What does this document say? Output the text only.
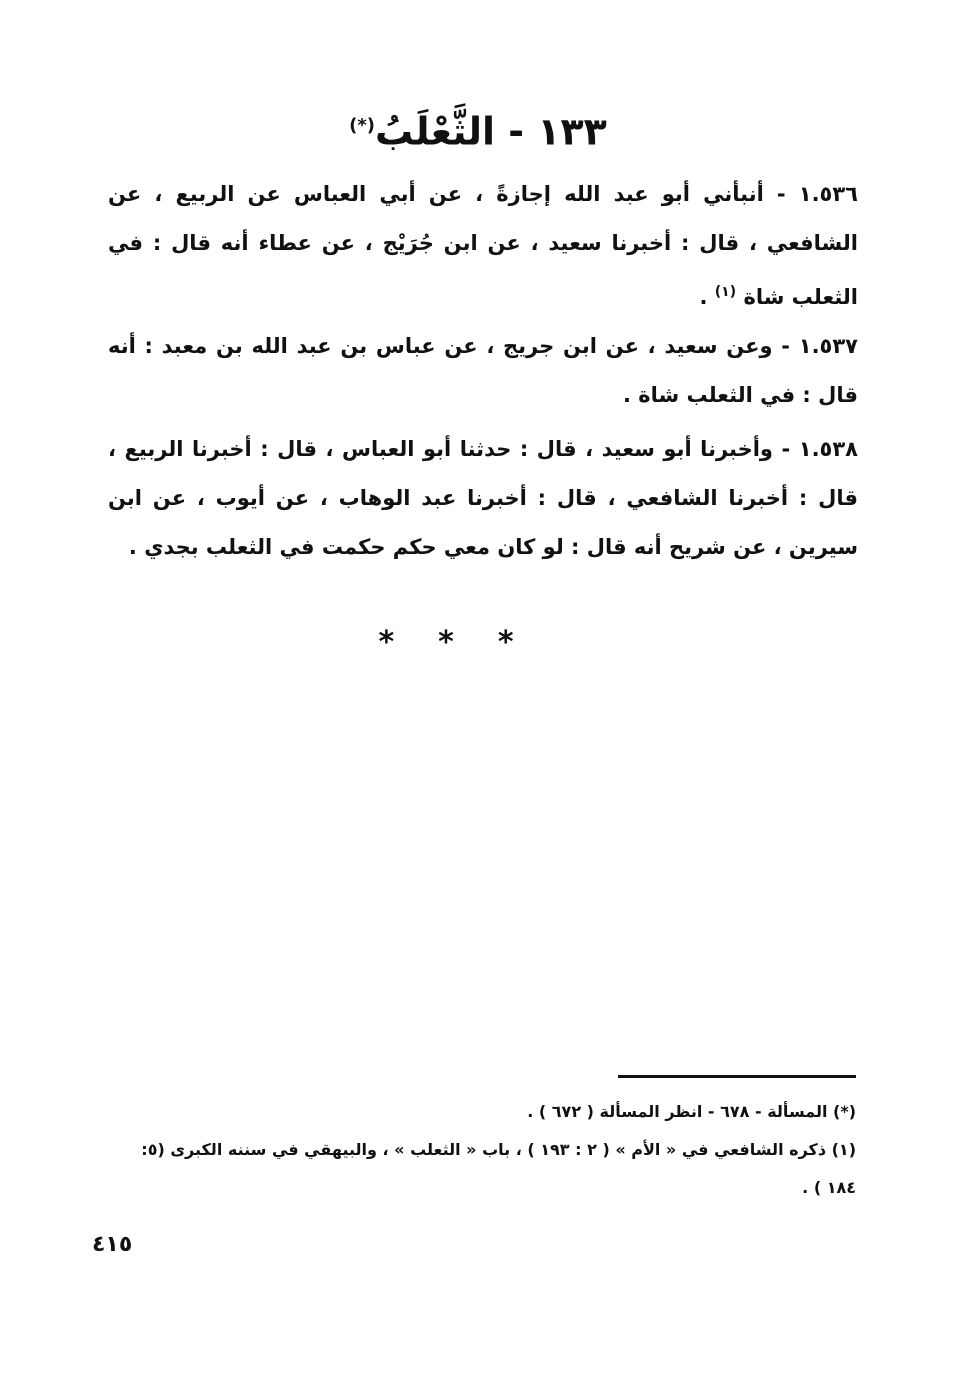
١٣٣ - الثَّعْلَبُ(*)
١.٥٣٦ - أنبأني أبو عبد الله إجازةً ، عن أبي العباس عن الربيع ، عن الشافعي ، قال : أخبرنا سعيد ، عن ابن جُرَيْج ، عن عطاء أنه قال : في الثعلب شاة $^{(١)}$ .
١.٥٣٧ - وعن سعيد ، عن ابن جريج ، عن عباس بن عبد الله بن معبد : أنه قال : في الثعلب شاة .
١.٥٣٨ - وأخبرنا أبو سعيد ، قال : حدثنا أبو العباس ، قال : أخبرنا الربيع ، قال : أخبرنا الشافعي ، قال : أخبرنا عبد الوهاب ، عن أيوب ، عن ابن سيرين ، عن شريح أنه قال : لو كان معي حكم حكمت في الثعلب بجدي .
***

(*) المسألة - ٦٧٨ - انظر المسألة ( ٦٧٢ ) .

(١) ذكره الشافعي في « الأم » ( ٢ : ١٩٣ ) ، باب « الثعلب » ، والبيهقي في سننه الكبرى (٥: ١٨٤ ) .

٤١٥
